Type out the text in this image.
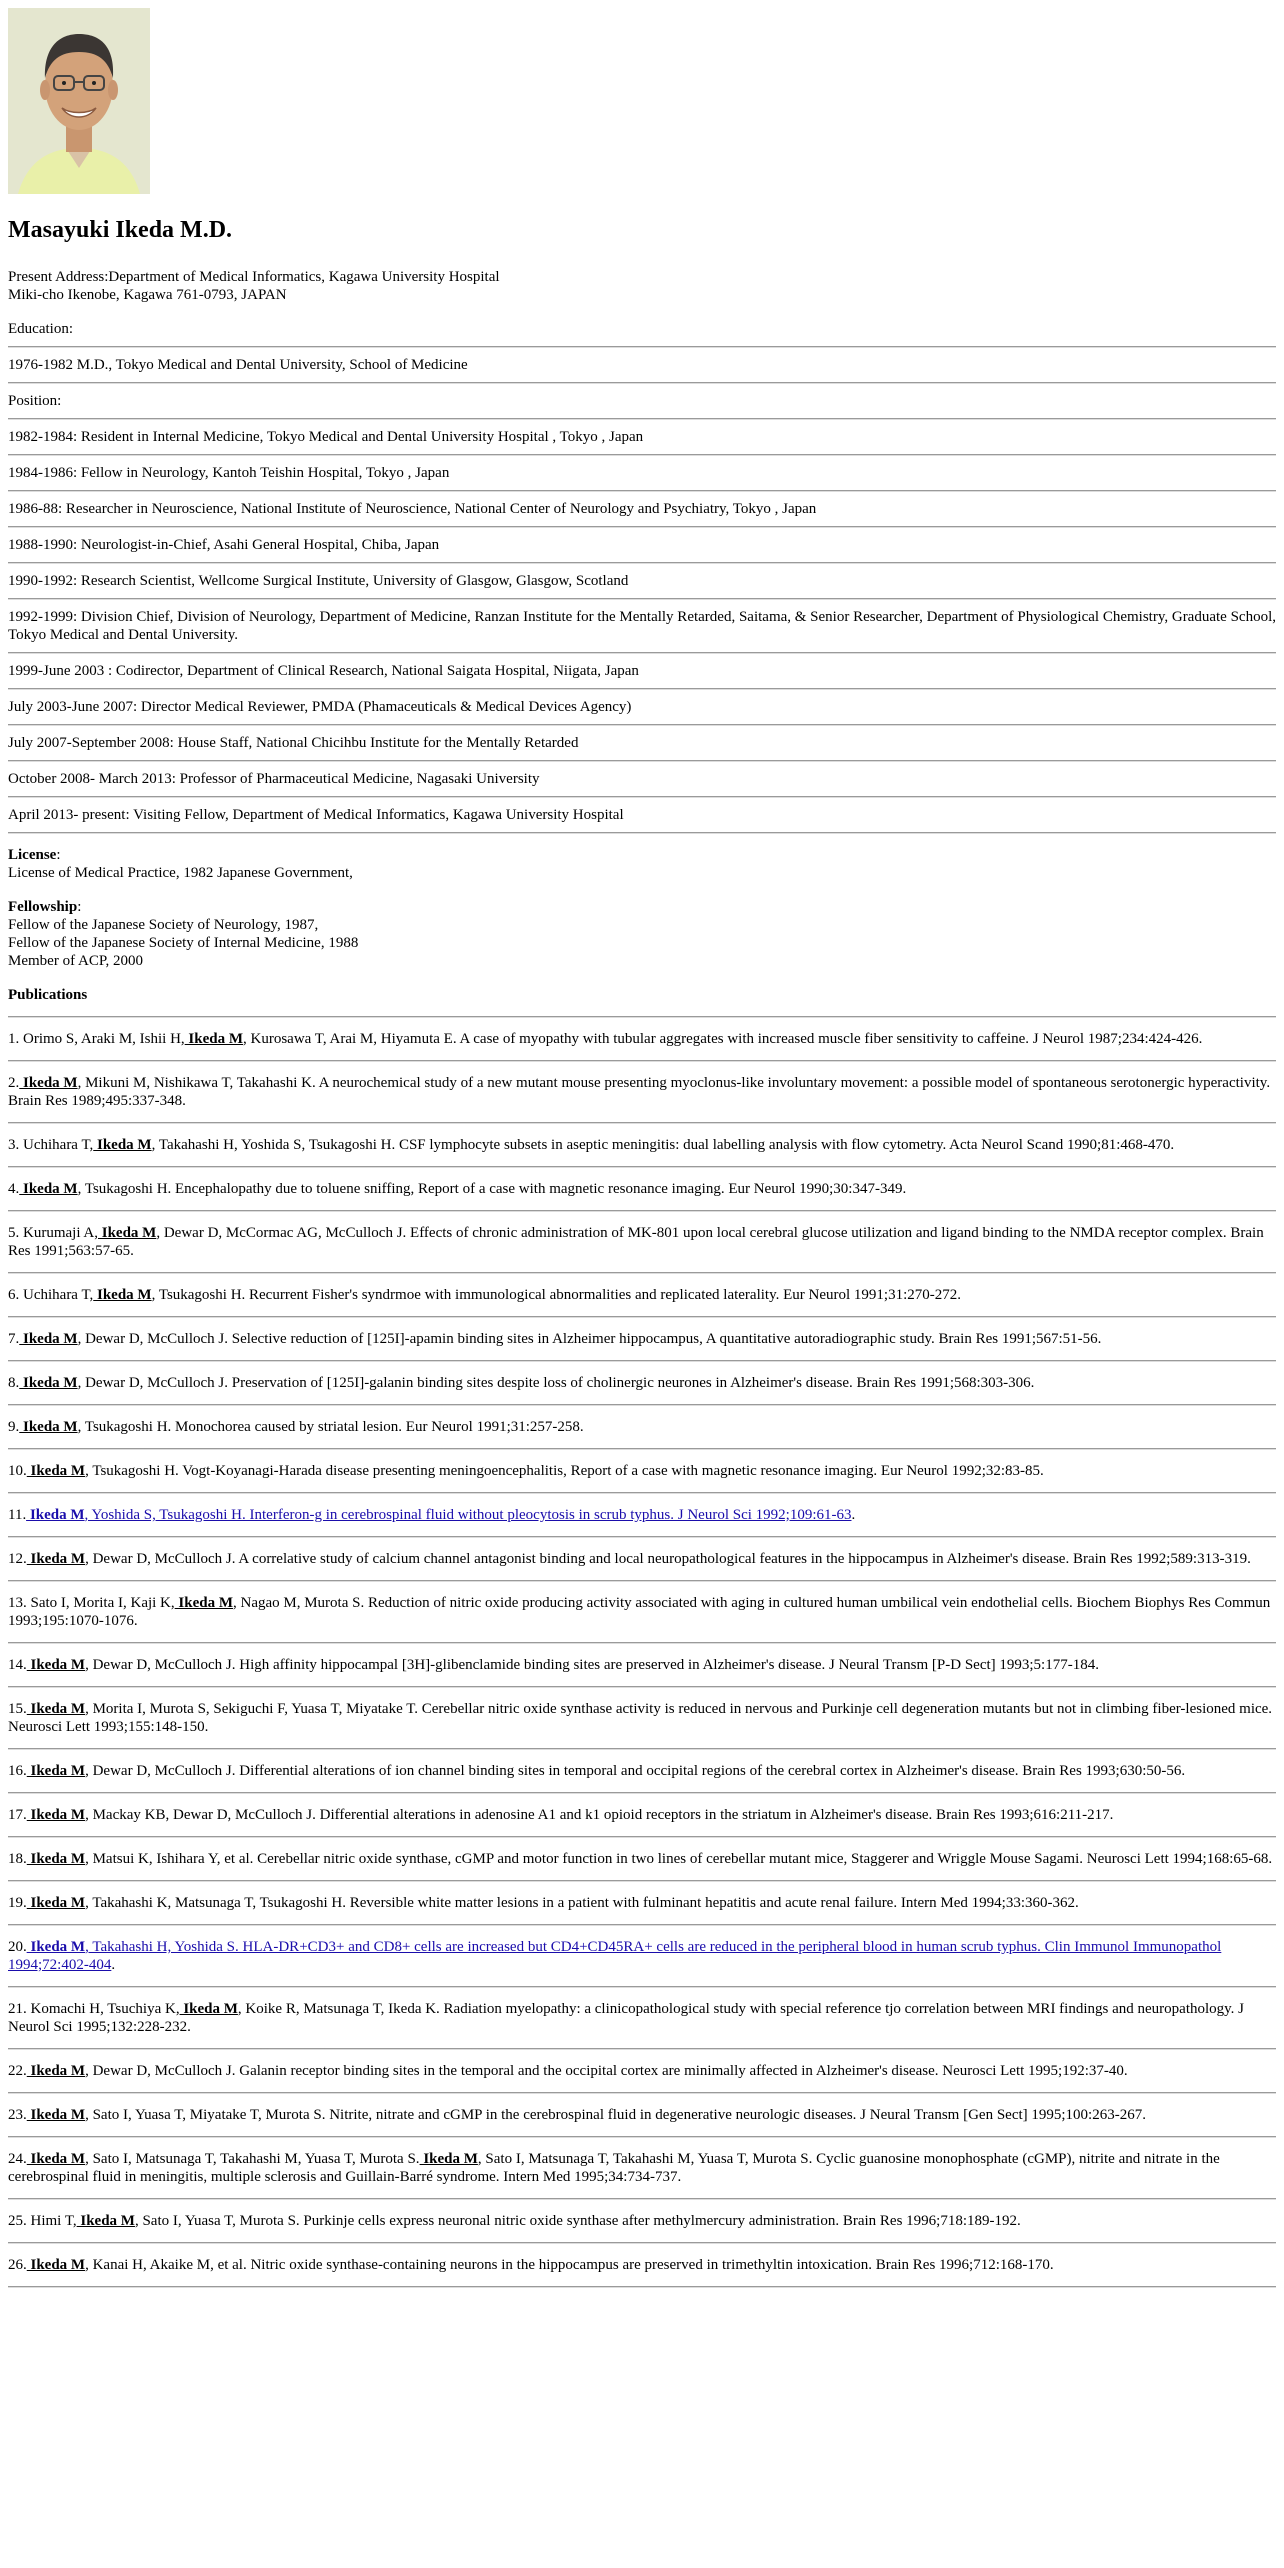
Masayuki Ikeda M.D.

Present Address:Department of Medical Informatics, Kagawa University Hospital
Miki-cho Ikenobe, Kagawa 761-0793, JAPAN

Education:

1976-1982 M.D., Tokyo Medical and Dental University, School of Medicine
Position:
1982-1984: Resident in Internal Medicine, Tokyo Medical and Dental University Hospital , Tokyo , Japan
1984-1986: Fellow in Neurology, Kantoh Teishin Hospital, Tokyo , Japan
1986-88: Researcher in Neuroscience, National Institute of Neuroscience, National Center of Neurology and Psychiatry, Tokyo , Japan
1988-1990: Neurologist-in-Chief, Asahi General Hospital, Chiba, Japan
1990-1992: Research Scientist, Wellcome Surgical Institute, University of Glasgow, Glasgow, Scotland
1992-1999: Division Chief, Division of Neurology, Department of Medicine, Ranzan Institute for the Mentally Retarded, Saitama, & Senior Researcher, Department of Physiological Chemistry, Graduate School, Tokyo Medical and Dental University.
1999-June 2003 : Codirector, Department of Clinical Research, National Saigata Hospital, Niigata, Japan
July 2003-June 2007: Director Medical Reviewer, PMDA (Phamaceuticals & Medical Devices Agency)
July 2007-September 2008: House Staff, National Chicihbu Institute for the Mentally Retarded
October 2008- March 2013: Professor of Pharmaceutical Medicine, Nagasaki University
April 2013- present: Visiting Fellow, Department of Medical Informatics, Kagawa University Hospital

License:
License of Medical Practice, 1982 Japanese Government,

Fellowship:
Fellow of the Japanese Society of Neurology, 1987,
Fellow of the Japanese Society of Internal Medicine, 1988
Member of ACP, 2000

Publications

1. Orimo S, Araki M, Ishii H, Ikeda M, Kurosawa T, Arai M, Hiyamuta E. A case of myopathy with tubular aggregates with increased muscle fiber sensitivity to caffeine. J Neurol 1987;234:424-426.
2. Ikeda M, Mikuni M, Nishikawa T, Takahashi K. A neurochemical study of a new mutant mouse presenting myoclonus-like involuntary movement: a possible model of spontaneous serotonergic hyperactivity. Brain Res 1989;495:337-348.
3. Uchihara T, Ikeda M, Takahashi H, Yoshida S, Tsukagoshi H. CSF lymphocyte subsets in aseptic meningitis: dual labelling analysis with flow cytometry. Acta Neurol Scand 1990;81:468-470.
4. Ikeda M, Tsukagoshi H. Encephalopathy due to toluene sniffing, Report of a case with magnetic resonance imaging. Eur Neurol 1990;30:347-349.
5. Kurumaji A, Ikeda M, Dewar D, McCormac AG, McCulloch J. Effects of chronic administration of MK-801 upon local cerebral glucose utilization and ligand binding to the NMDA receptor complex. Brain Res 1991;563:57-65.
6. Uchihara T, Ikeda M, Tsukagoshi H. Recurrent Fisher's syndrmoe with immunological abnormalities and replicated laterality. Eur Neurol 1991;31:270-272.
7. Ikeda M, Dewar D, McCulloch J. Selective reduction of [125I]-apamin binding sites in Alzheimer hippocampus, A quantitative autoradiographic study. Brain Res 1991;567:51-56.
8. Ikeda M, Dewar D, McCulloch J. Preservation of [125I]-galanin binding sites despite loss of cholinergic neurones in Alzheimer's disease. Brain Res 1991;568:303-306.
9. Ikeda M, Tsukagoshi H. Monochorea caused by striatal lesion. Eur Neurol 1991;31:257-258.
10. Ikeda M, Tsukagoshi H. Vogt-Koyanagi-Harada disease presenting meningoencephalitis, Report of a case with magnetic resonance imaging. Eur Neurol 1992;32:83-85.
11. Ikeda M, Yoshida S, Tsukagoshi H. Interferon-g in cerebrospinal fluid without pleocytosis in scrub typhus. J Neurol Sci 1992;109:61-63.
12. Ikeda M, Dewar D, McCulloch J. A correlative study of calcium channel antagonist binding and local neuropathological features in the hippocampus in Alzheimer's disease. Brain Res 1992;589:313-319.
13. Sato I, Morita I, Kaji K, Ikeda M, Nagao M, Murota S. Reduction of nitric oxide producing activity associated with aging in cultured human umbilical vein endothelial cells. Biochem Biophys Res Commun 1993;195:1070-1076.
14. Ikeda M, Dewar D, McCulloch J. High affinity hippocampal [3H]-glibenclamide binding sites are preserved in Alzheimer's disease. J Neural Transm [P-D Sect] 1993;5:177-184.
15. Ikeda M, Morita I, Murota S, Sekiguchi F, Yuasa T, Miyatake T. Cerebellar nitric oxide synthase activity is reduced in nervous and Purkinje cell degeneration mutants but not in climbing fiber-lesioned mice. Neurosci Lett 1993;155:148-150.
16. Ikeda M, Dewar D, McCulloch J. Differential alterations of ion channel binding sites in temporal and occipital regions of the cerebral cortex in Alzheimer's disease. Brain Res 1993;630:50-56.
17. Ikeda M, Mackay KB, Dewar D, McCulloch J. Differential alterations in adenosine A1 and k1 opioid receptors in the striatum in Alzheimer's disease. Brain Res 1993;616:211-217.
18. Ikeda M, Matsui K, Ishihara Y, et al. Cerebellar nitric oxide synthase, cGMP and motor function in two lines of cerebellar mutant mice, Staggerer and Wriggle Mouse Sagami. Neurosci Lett 1994;168:65-68.
19. Ikeda M, Takahashi K, Matsunaga T, Tsukagoshi H. Reversible white matter lesions in a patient with fulminant hepatitis and acute renal failure. Intern Med 1994;33:360-362.
20. Ikeda M, Takahashi H, Yoshida S. HLA-DR+CD3+ and CD8+ cells are increased but CD4+CD45RA+ cells are reduced in the peripheral blood in human scrub typhus. Clin Immunol Immunopathol 1994;72:402-404.
21. Komachi H, Tsuchiya K, Ikeda M, Koike R, Matsunaga T, Ikeda K. Radiation myelopathy: a clinicopathological study with special reference tjo correlation between MRI findings and neuropathology. J Neurol Sci 1995;132:228-232.
22. Ikeda M, Dewar D, McCulloch J. Galanin receptor binding sites in the temporal and the occipital cortex are minimally affected in Alzheimer's disease. Neurosci Lett 1995;192:37-40.
23. Ikeda M, Sato I, Yuasa T, Miyatake T, Murota S. Nitrite, nitrate and cGMP in the cerebrospinal fluid in degenerative neurologic diseases. J Neural Transm [Gen Sect] 1995;100:263-267.
24. Ikeda M, Sato I, Matsunaga T, Takahashi M, Yuasa T, Murota S. Ikeda M, Sato I, Matsunaga T, Takahashi M, Yuasa T, Murota S. Cyclic guanosine monophosphate (cGMP), nitrite and nitrate in the cerebrospinal fluid in meningitis, multiple sclerosis and Guillain-Barré syndrome. Intern Med 1995;34:734-737.
25. Himi T, Ikeda M, Sato I, Yuasa T, Murota S. Purkinje cells express neuronal nitric oxide synthase after methylmercury administration. Brain Res 1996;718:189-192.
26. Ikeda M, Kanai H, Akaike M, et al. Nitric oxide synthase-containing neurons in the hippocampus are preserved in trimethyltin intoxication. Brain Res 1996;712:168-170.
